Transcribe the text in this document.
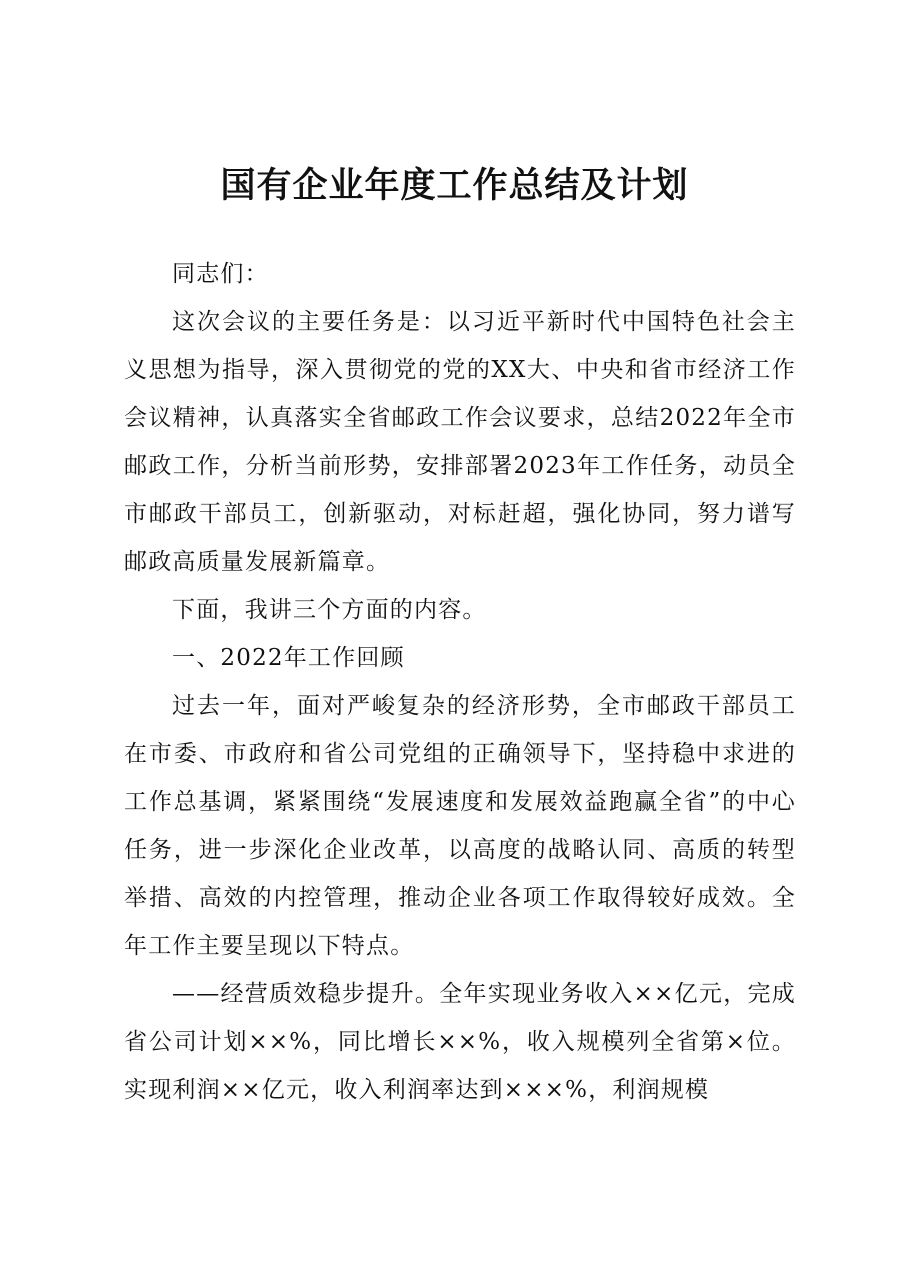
国有企业年度工作总结及计划

同志们：

这次会议的主要任务是：以习近平新时代中国特色社会主义思想为指导，深入贯彻党的党的XX大、中央和省市经济工作会议精神，认真落实全省邮政工作会议要求，总结2022年全市邮政工作，分析当前形势，安排部署2023年工作任务，动员全市邮政干部员工，创新驱动，对标赶超，强化协同，努力谱写邮政高质量发展新篇章。

下面，我讲三个方面的内容。

一、2022年工作回顾

过去一年，面对严峻复杂的经济形势，全市邮政干部员工在市委、市政府和省公司党组的正确领导下，坚持稳中求进的工作总基调，紧紧围绕“发展速度和发展效益跑赢全省”的中心任务，进一步深化企业改革，以高度的战略认同、高质的转型举措、高效的内控管理，推动企业各项工作取得较好成效。全年工作主要呈现以下特点。

——经营质效稳步提升。全年实现业务收入××亿元，完成省公司计划××%，同比增长××%，收入规模列全省第×位。实现利润××亿元，收入利润率达到×××%，利润规模
